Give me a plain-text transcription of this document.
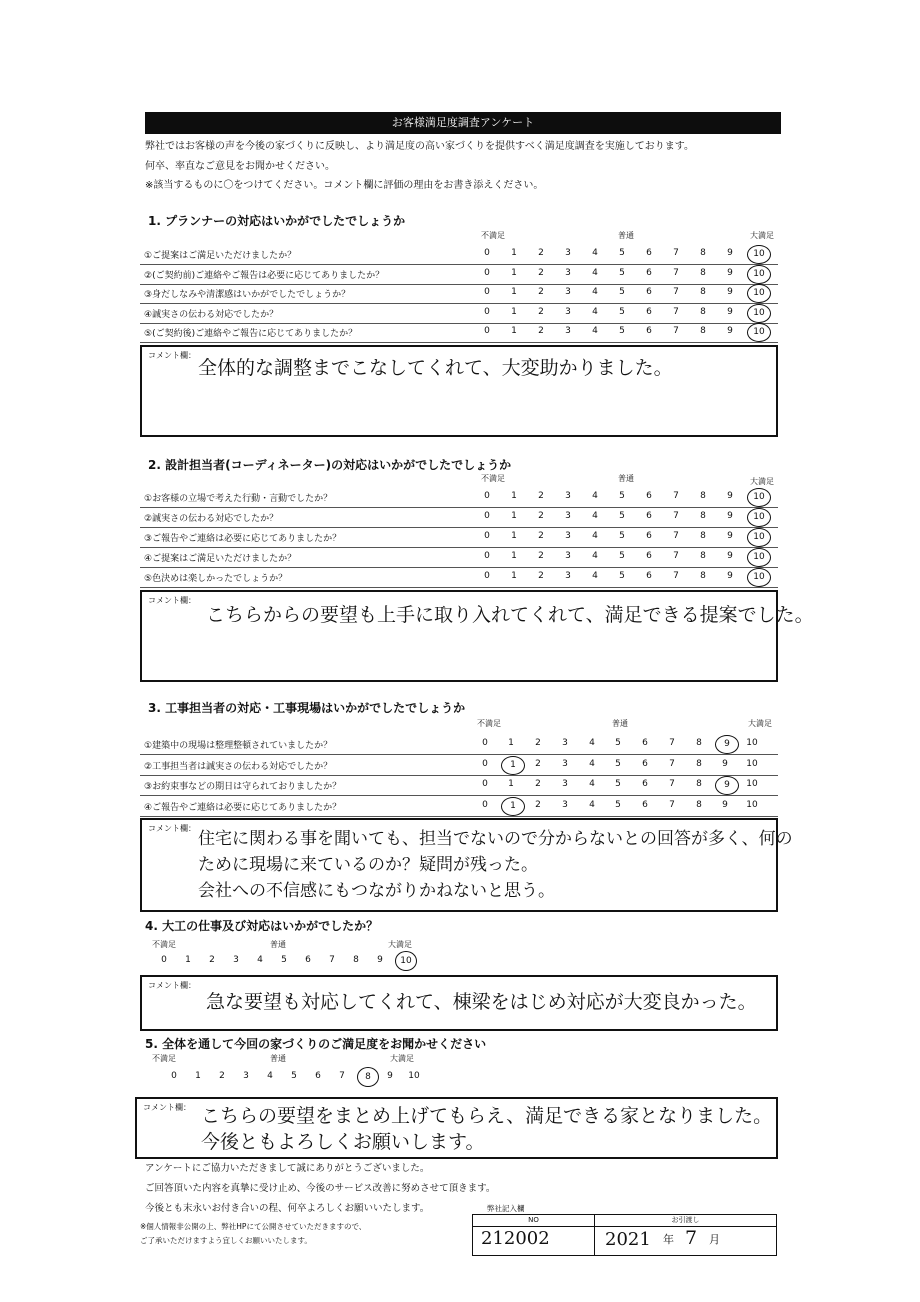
お客様満足度調査アンケート
弊社ではお客様の声を今後の家づくりに反映し、より満足度の高い家づくりを提供すべく満足度調査を実施しております。
何卒、率直なご意見をお聞かせください。
※該当するものに〇をつけてください。コメント欄に評価の理由をお書き添えください。
1. プランナーの対応はいかがでしたでしょうか
不満足	普通	大満足
①ご提案はご満足いただけましたか？	0	1	2	3	4	5	6	7	8	9	10
②(ご契約前)ご連絡やご報告は必要に応じてありましたか？	0	1	2	3	4	5	6	7	8	9	10
③身だしなみや清潔感はいかがでしたでしょうか？	0	1	2	3	4	5	6	7	8	9	10
④誠実さの伝わる対応でしたか？	0	1	2	3	4	5	6	7	8	9	10
⑤(ご契約後)ご連絡やご報告に応じてありましたか？	0	1	2	3	4	5	6	7	8	9	10
コメント欄：
全体的な調整までこなしてくれて、大変助かりました。
2. 設計担当者(コーディネーター)の対応はいかがでしたでしょうか
不満足	普通	大満足
①お客様の立場で考えた行動・言動でしたか？	0	1	2	3	4	5	6	7	8	9	10
②誠実さの伝わる対応でしたか？	0	1	2	3	4	5	6	7	8	9	10
③ご報告やご連絡は必要に応じてありましたか？	0	1	2	3	4	5	6	7	8	9	10
④ご提案はご満足いただけましたか？	0	1	2	3	4	5	6	7	8	9	10
⑤色決めは楽しかったでしょうか？	0	1	2	3	4	5	6	7	8	9	10
コメント欄：
こちらからの要望も上手に取り入れてくれて、満足できる提案でした。
3. 工事担当者の対応・工事現場はいかがでしたでしょうか
不満足	普通	大満足
①建築中の現場は整理整頓されていましたか？	0	1	2	3	4	5	6	7	8	9	10
②工事担当者は誠実さの伝わる対応でしたか？	0	1	2	3	4	5	6	7	8	9	10
③お約束事などの期日は守られておりましたか？	0	1	2	3	4	5	6	7	8	9	10
④ご報告やご連絡は必要に応じてありましたか？	0	1	2	3	4	5	6	7	8	9	10
コメント欄：
住宅に関わる事を聞いても、担当でないので分からないとの回答が多く、何の
ために現場に来ているのか？疑問が残った。
会社への不信感にもつながりかねないと思う。
4. 大工の仕事及び対応はいかがでしたか？
不満足	普通	大満足
0	1	2	3	4	5	6	7	8	9	10
コメント欄：
急な要望も対応してくれて、棟梁をはじめ対応が大変良かった。
5. 全体を通して今回の家づくりのご満足度をお聞かせください
不満足	普通	大満足
0	1	2	3	4	5	6	7	8	9	10
コメント欄： こちらの要望をまとめ上げてもらえ、満足できる家となりました。
今後ともよろしくお願いします。
アンケートにご協力いただきまして誠にありがとうございました。
ご回答頂いた内容を真摯に受け止め、今後のサービス改善に努めさせて頂きます。
今後とも末永いお付き合いの程、何卒よろしくお願いいたします。
※個人情報非公開の上、弊社HPにて公開させていただきますので、
ご了承いただけますよう宜しくお願いいたします。
弊社記入欄
NO	お引渡し
212002	2021 年 7 月
